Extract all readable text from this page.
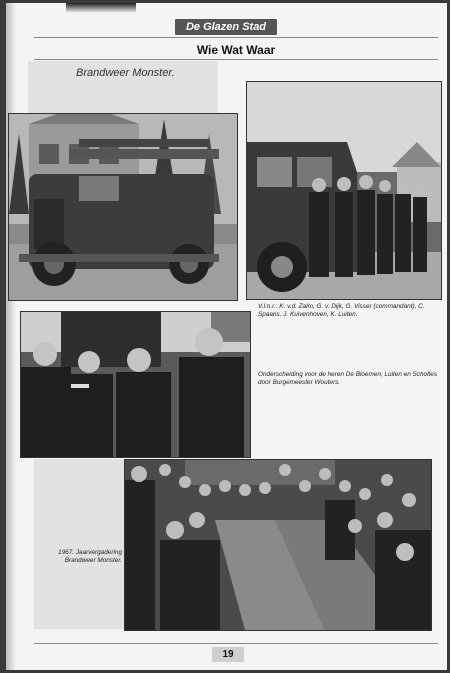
De Glazen Stad
Wie Wat Waar
Brandweer Monster.
V.l.n.r.: K. v.d. Zalm, G. v. Dijk, G. Visser (commandant), C. Spaans, J. Kuivenhoven, K. Luiten.
Onderscheiding voor de heren De Bloemen, Luiten en Scholtes door Burgemeester Wouters.
1967. Jaarvergadering Brandweer Monster.
19
